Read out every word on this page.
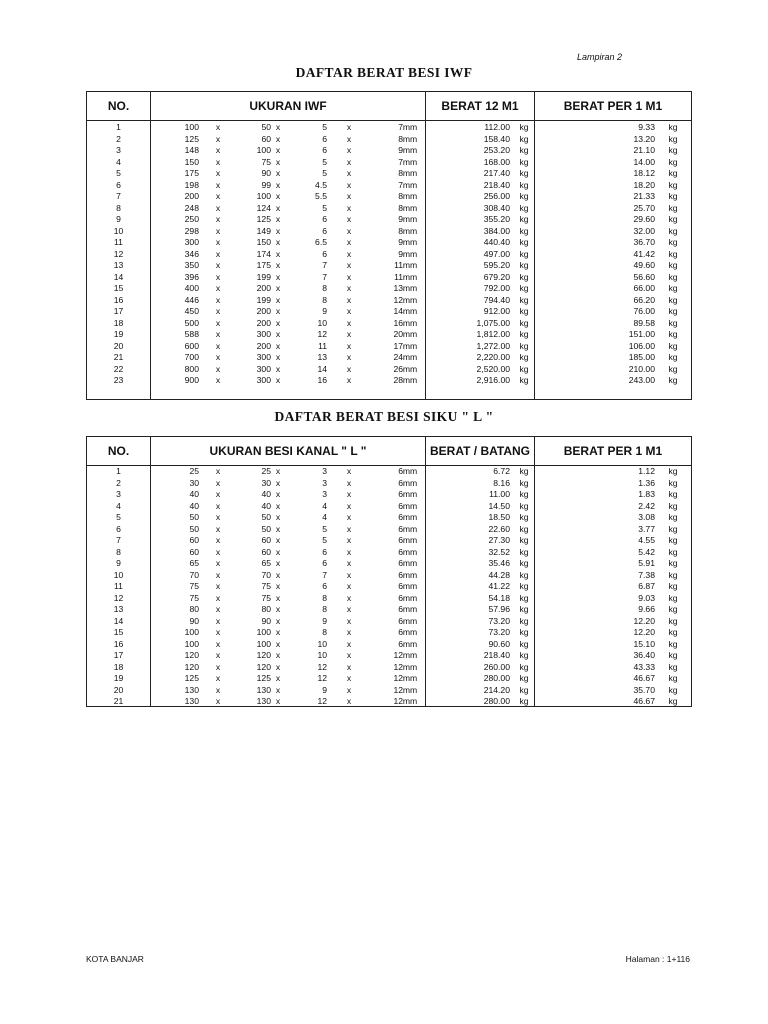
Lampiran 2
DAFTAR BERAT BESI IWF
NO.	UKURAN IWF	BERAT 12 M1	BERAT PER 1 M1
1	100	x	50 x	5	x	7 mm	112.00 kg	9.33	kg
2	125	x	60 x	6	x	8 mm	158.40 kg	13.20	kg
3	148	x	100 x	6	x	9 mm	253.20 kg	21.10	kg
4	150	x	75 x	5	x	7 mm	168.00 kg	14.00	kg
5	175	x	90 x	5	x	8 mm	217.40 kg	18.12	kg
6	198	x	99 x	4.5	x	7 mm	218.40 kg	18.20	kg
7	200	x	100 x	5.5	x	8 mm	256.00 kg	21.33	kg
8	248	x	124 x	5	x	8 mm	308.40 kg	25.70	kg
9	250	x	125 x	6	x	9 mm	355.20 kg	29.60	kg
10	298	x	149 x	6	x	8 mm	384.00 kg	32.00	kg
11	300	x	150 x	6.5	x	9 mm	440.40 kg	36.70	kg
12	346	x	174 x	6	x	9 mm	497.00 kg	41.42	kg
13	350	x	175 x	7	x	11 mm	595.20 kg	49.60	kg
14	396	x	199 x	7	x	11 mm	679.20 kg	56.60	kg
15	400	x	200 x	8	x	13 mm	792.00 kg	66.00	kg
16	446	x	199 x	8	x	12 mm	794.40 kg	66.20	kg
17	450	x	200 x	9	x	14 mm	912.00 kg	76.00	kg
18	500	x	200 x	10	x	16 mm	1,075.00 kg	89.58	kg
19	588	x	300 x	12	x	20 mm	1,812.00 kg	151.00	kg
20	600	x	200 x	11	x	17 mm	1,272.00 kg	106.00	kg
21	700	x	300 x	13	x	24 mm	2,220.00 kg	185.00	kg
22	800	x	300 x	14	x	26 mm	2,520.00 kg	210.00	kg
23	900	x	300 x	16	x	28 mm	2,916.00 kg	243.00	kg
DAFTAR BERAT BESI SIKU " L "
NO.	UKURAN BESI KANAL " L "	BERAT / BATANG	BERAT PER 1 M1
1	25	x	25 x	3	x	6 mm	6.72 kg	1.12	kg
2	30	x	30 x	3	x	6 mm	8.16 kg	1.36	kg
3	40	x	40 x	3	x	6 mm	11.00 kg	1.83	kg
4	40	x	40 x	4	x	6 mm	14.50 kg	2.42	kg
5	50	x	50 x	4	x	6 mm	18.50 kg	3.08	kg
6	50	x	50 x	5	x	6 mm	22.60 kg	3.77	kg
7	60	x	60 x	5	x	6 mm	27.30 kg	4.55	kg
8	60	x	60 x	6	x	6 mm	32.52 kg	5.42	kg
9	65	x	65 x	6	x	6 mm	35.46 kg	5.91	kg
10	70	x	70 x	7	x	6 mm	44.28 kg	7.38	kg
11	75	x	75 x	6	x	6 mm	41.22 kg	6.87	kg
12	75	x	75 x	8	x	6 mm	54.18 kg	9.03	kg
13	80	x	80 x	8	x	6 mm	57.96 kg	9.66	kg
14	90	x	90 x	9	x	6 mm	73.20 kg	12.20	kg
15	100	x	100 x	8	x	6 mm	73.20 kg	12.20	kg
16	100	x	100 x	10	x	6 mm	90.60 kg	15.10	kg
17	120	x	120 x	10	x	12 mm	218.40 kg	36.40	kg
18	120	x	120 x	12	x	12 mm	260.00 kg	43.33	kg
19	125	x	125 x	12	x	12 mm	280.00 kg	46.67	kg
20	130	x	130 x	9	x	12 mm	214.20 kg	35.70	kg
21	130	x	130 x	12	x	12 mm	280.00 kg	46.67	kg
KOTA BANJAR	Halaman : 1+116
